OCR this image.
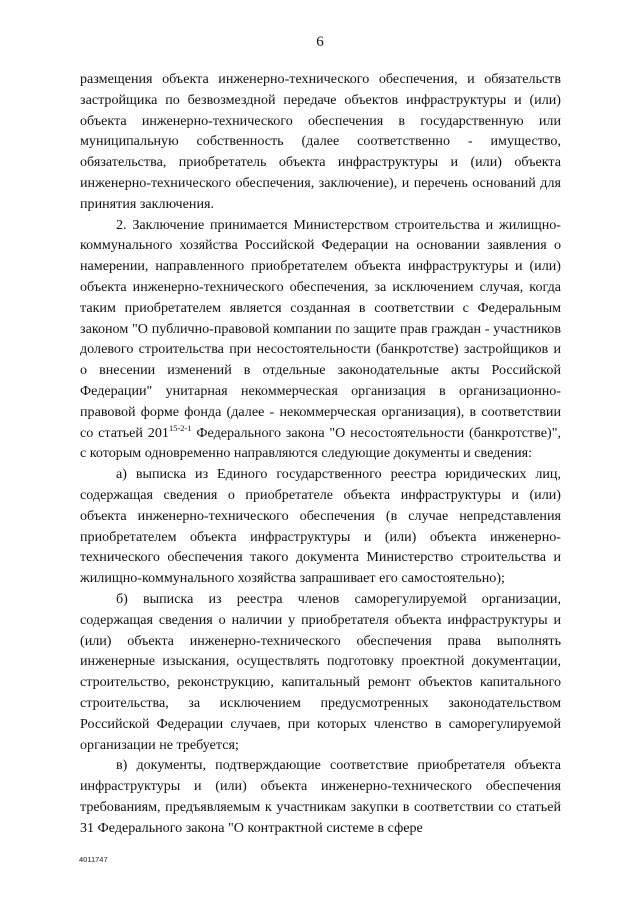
6

размещения объекта инженерно-технического обеспечения, и обязательств застройщика по безвозмездной передаче объектов инфраструктуры и (или) объекта инженерно-технического обеспечения в государственную или муниципальную собственность (далее соответственно - имущество, обязательства, приобретатель объекта инфраструктуры и (или) объекта инженерно-технического обеспечения, заключение), и перечень оснований для принятия заключения.

2. Заключение принимается Министерством строительства и жилищно-коммунального хозяйства Российской Федерации на основании заявления о намерении, направленного приобретателем объекта инфраструктуры и (или) объекта инженерно-технического обеспечения, за исключением случая, когда таким приобретателем является созданная в соответствии с Федеральным законом "О публично-правовой компании по защите прав граждан - участников долевого строительства при несостоятельности (банкротстве) застройщиков и о внесении изменений в отдельные законодательные акты Российской Федерации" унитарная некоммерческая организация в организационно-правовой форме фонда (далее - некоммерческая организация), в соответствии со статьей 201$^{15-2-1}$ Федерального закона "О несостоятельности (банкротстве)", с которым одновременно направляются следующие документы и сведения:

а) выписка из Единого государственного реестра юридических лиц, содержащая сведения о приобретателе объекта инфраструктуры и (или) объекта инженерно-технического обеспечения (в случае непредставления приобретателем объекта инфраструктуры и (или) объекта инженерно-технического обеспечения такого документа Министерство строительства и жилищно-коммунального хозяйства запрашивает его самостоятельно);

б) выписка из реестра членов саморегулируемой организации, содержащая сведения о наличии у приобретателя объекта инфраструктуры и (или) объекта инженерно-технического обеспечения права выполнять инженерные изыскания, осуществлять подготовку проектной документации, строительство, реконструкцию, капитальный ремонт объектов капитального строительства, за исключением предусмотренных законодательством Российской Федерации случаев, при которых членство в саморегулируемой организации не требуется;

в) документы, подтверждающие соответствие приобретателя объекта инфраструктуры и (или) объекта инженерно-технического обеспечения требованиям, предъявляемым к участникам закупки в соответствии со статьей 31 Федерального закона "О контрактной системе в сфере

4011747
